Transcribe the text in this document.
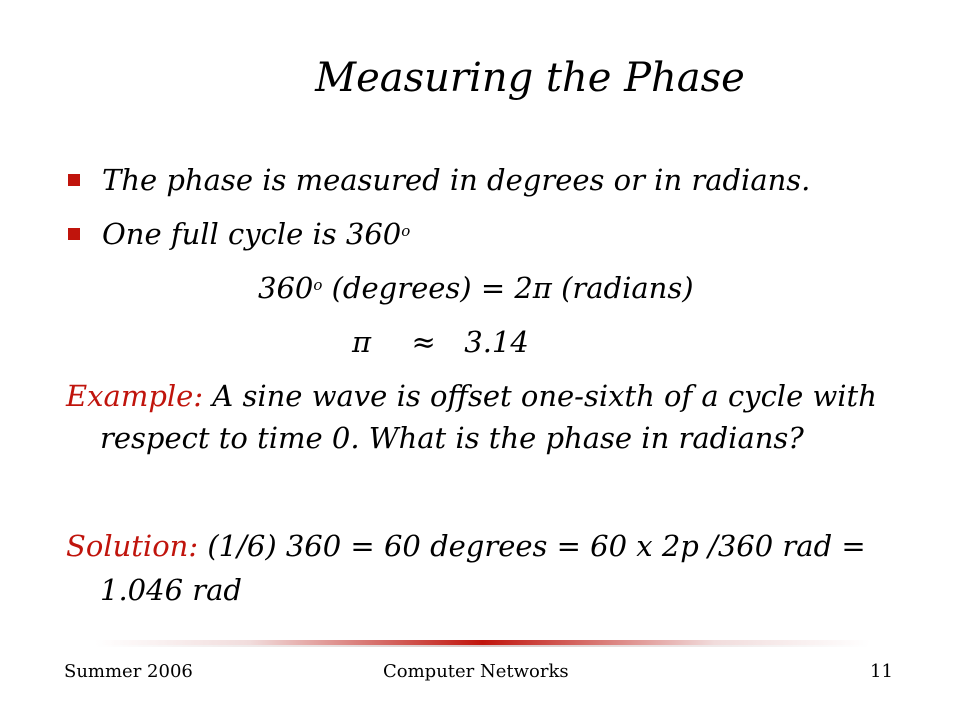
Measuring the Phase
The phase is measured in degrees or in radians.
One full cycle is 360$^o$
360$^o$ (degrees) = 2π (radians)
π ≈ 3.14
Example: A sine wave is offset one-sixth of a cycle with
respect to time 0. What is the phase in radians?
Solution: (1/6) 360 = 60 degrees = 60 x 2p /360 rad =
1.046 rad
Summer 2006	Computer Networks	11
